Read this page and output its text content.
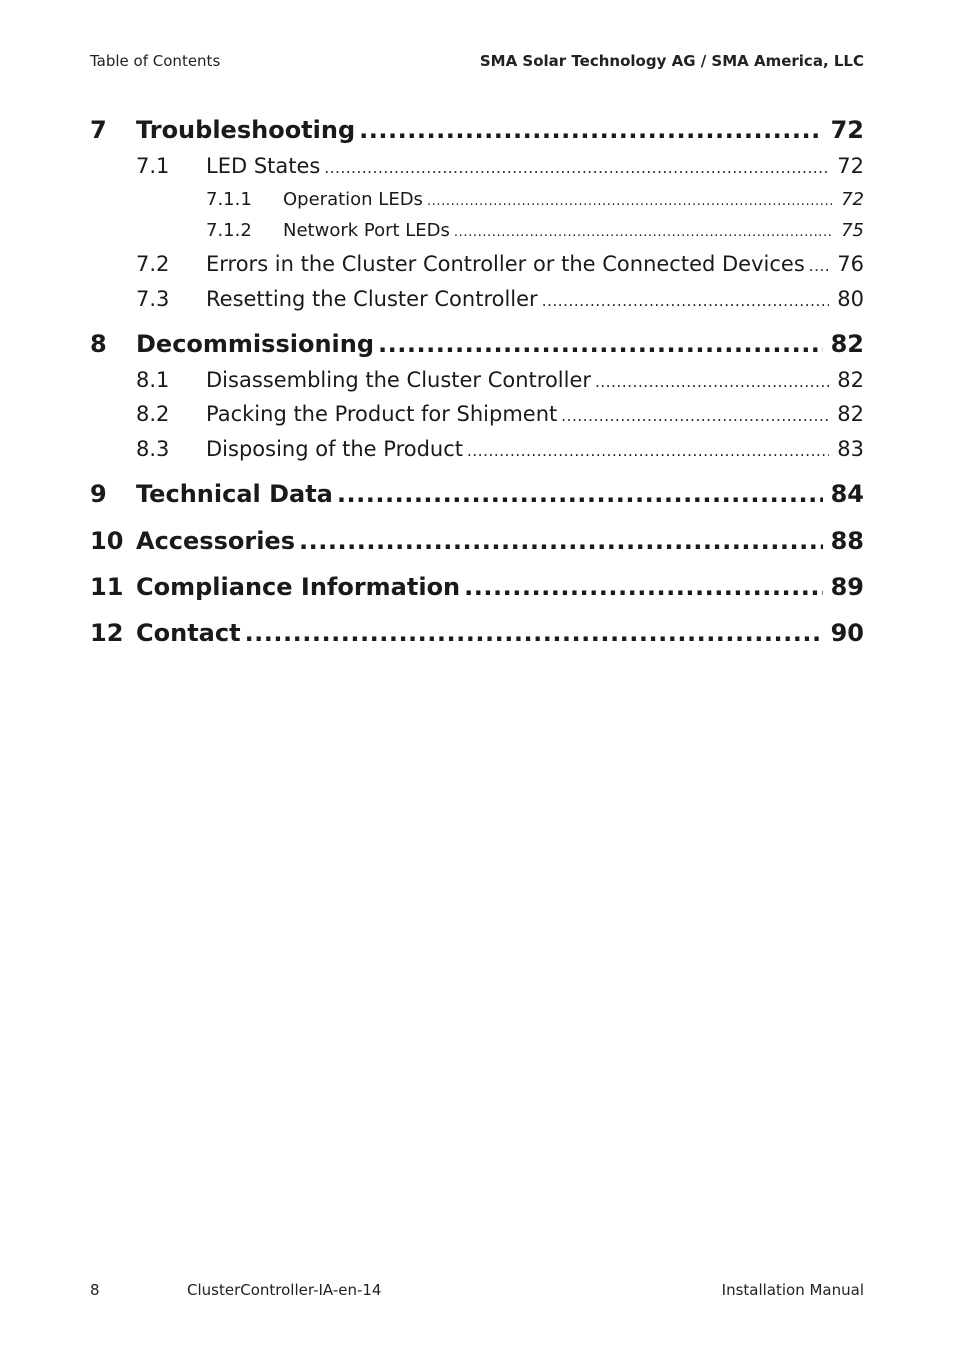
Table of Contents	SMA Solar Technology AG / SMA America, LLC
7	Troubleshooting .....	72
7.1	LED States .....	72
7.1.1	Operation LEDs .....	72
7.1.2	Network Port LEDs .....	75
7.2	Errors in the Cluster Controller or the Connected Devices ..... 76
7.3	Resetting the Cluster Controller .....	80
8	Decommissioning .....	82
8.1	Disassembling the Cluster Controller .....	82
8.2	Packing the Product for Shipment .....	82
8.3	Disposing of the Product .....	83
9	Technical Data .....	84
10 Accessories .....	88
11 Compliance Information .....	89
12 Contact .....	90
8	ClusterController-IA-en-14	Installation Manual
